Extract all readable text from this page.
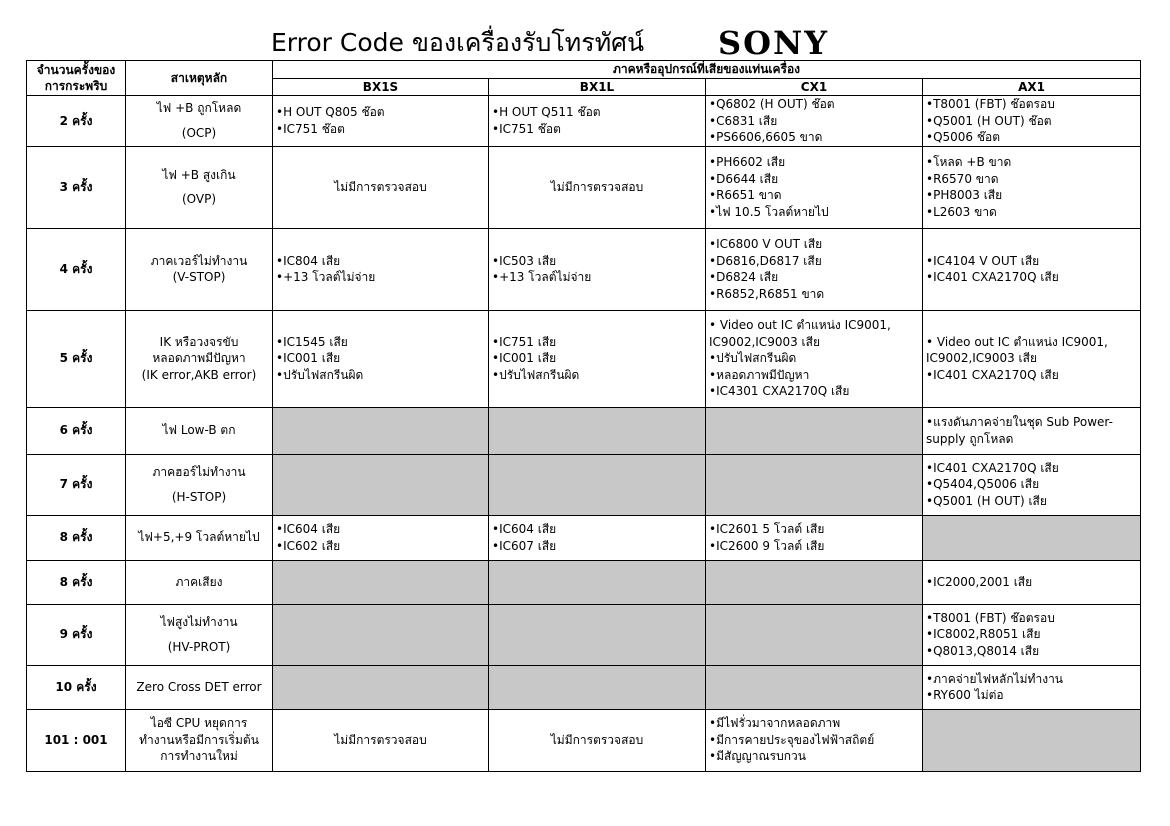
Error Code ของเครื่องรับโทรทัศน์ SONY
จำนวนครั้งของ
การกระพริบ	สาเหตุหลัก	ภาคหรืออุปกรณ์ที่เสียของแท่นเครื่อง			
		BX1S	BX1L	CX1	AX1
2 ครั้ง	ไฟ +B ถูกโหลด
(OCP)	•H OUT Q805 ช๊อต
•IC751 ช๊อต	•H OUT Q511 ช๊อต
•IC751 ช๊อต	•Q6802 (H OUT) ช๊อต
•C6831 เสีย
•PS6606,6605 ขาด	•T8001 (FBT) ช๊อตรอบ
•Q5001 (H OUT) ช๊อต
•Q5006 ช๊อต

3 ครั้ง	ไฟ +B สูงเกิน
(OVP)	ไม่มีการตรวจสอบ	ไม่มีการตรวจสอบ	•PH6602 เสีย
•D6644 เสีย
•R6651 ขาด
•ไฟ 10.5 โวลต์หายไป	•โหลด +B ขาด
•R6570 ขาด
•PH8003 เสีย
•L2603 ขาด

4 ครั้ง	ภาคเวอร์ไม่ทำงาน
(V-STOP)	•IC804 เสีย
•+13 โวลต์ไม่จ่าย	•IC503 เสีย
•+13 โวลต์ไม่จ่าย	•IC6800 V OUT เสีย
•D6816,D6817 เสีย
•D6824 เสีย
•R6852,R6851 ขาด	•IC4104 V OUT เสีย
•IC401 CXA2170Q เสีย

5 ครั้ง	IK หรือวงจรขับ
หลอดภาพมีปัญหา
(IK error,AKB error)	•IC1545 เสีย
•IC001 เสีย
•ปรับไฟสกรีนผิด	•IC751 เสีย
•IC001 เสีย
•ปรับไฟสกรีนผิด	• Video out IC ตำแหน่ง IC9001,
IC9002,IC9003 เสีย
•ปรับไฟสกรีนผิด
•หลอดภาพมีปัญหา
•IC4301 CXA2170Q เสีย	• Video out IC ตำแหน่ง IC9001,
IC9002,IC9003 เสีย
•IC401 CXA2170Q เสีย

6 ครั้ง	ไฟ Low-B ตก				•แรงดันภาคจ่ายในชุด Sub Power-
supply ถูกโหลด

7 ครั้ง	ภาคฮอร์ไม่ทำงาน
(H-STOP)				•IC401 CXA2170Q เสีย
•Q5404,Q5006 เสีย
•Q5001 (H OUT) เสีย

8 ครั้ง	ไฟ+5,+9 โวลต์หายไป	•IC604 เสีย
•IC602 เสีย	•IC604 เสีย
•IC607 เสีย	•IC2601 5 โวลต์ เสีย
•IC2600 9 โวลต์ เสีย	

8 ครั้ง	ภาคเสียง				•IC2000,2001 เสีย

9 ครั้ง	ไฟสูงไม่ทำงาน
(HV-PROT)				•T8001 (FBT) ช๊อตรอบ
•IC8002,R8051 เสีย
•Q8013,Q8014 เสีย

10 ครั้ง	Zero Cross DET error				•ภาคจ่ายไฟหลักไม่ทำงาน
•RY600 ไม่ต่อ

101 : 001	ไอซี CPU หยุดการ
ทำงานหรือมีการเริ่มต้น
การทำงานใหม่	ไม่มีการตรวจสอบ	ไม่มีการตรวจสอบ	•มีไฟรั่วมาจากหลอดภาพ
•มีการคายประจุของไฟฟ้าสถิตย์
•มีสัญญาณรบกวน	
